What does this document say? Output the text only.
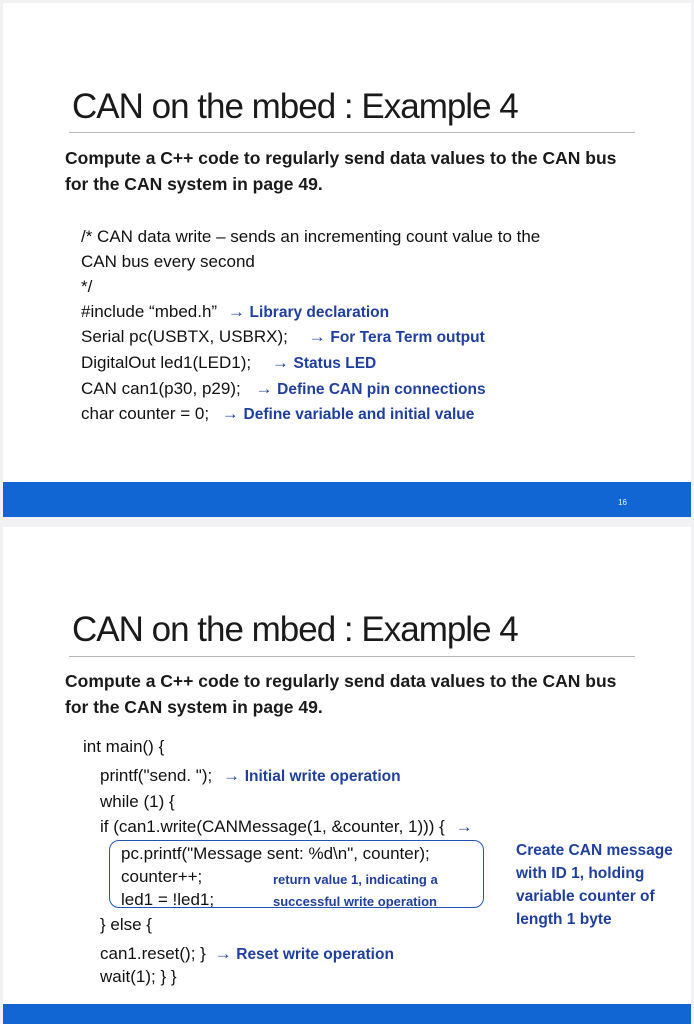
CAN on the mbed : Example 4

Compute a C++ code to regularly send data values to the CAN bus for the CAN system in page 49.

/* CAN data write – sends an incrementing count value to the
CAN bus every second
*/
#include “mbed.h” → Library declaration
Serial pc(USBTX, USBRX); → For Tera Term output
DigitalOut led1(LED1); → Status LED
CAN can1(p30, p29); → Define CAN pin connections
char counter = 0; → Define variable and initial value
16
CAN on the mbed : Example 4

Compute a C++ code to regularly send data values to the CAN bus for the CAN system in page 49.

int main() {
printf("send. "); → Initial write operation
while (1) {
if (can1.write(CANMessage(1, &counter, 1))) { →
pc.printf("Message sent: %d\n", counter);
counter++;
led1 = !led1;
} else {
can1.reset(); } → Reset write operation
wait(1); } }
return value 1, indicating a
successful write operation

Create CAN message with ID 1, holding variable counter of length 1 byte
